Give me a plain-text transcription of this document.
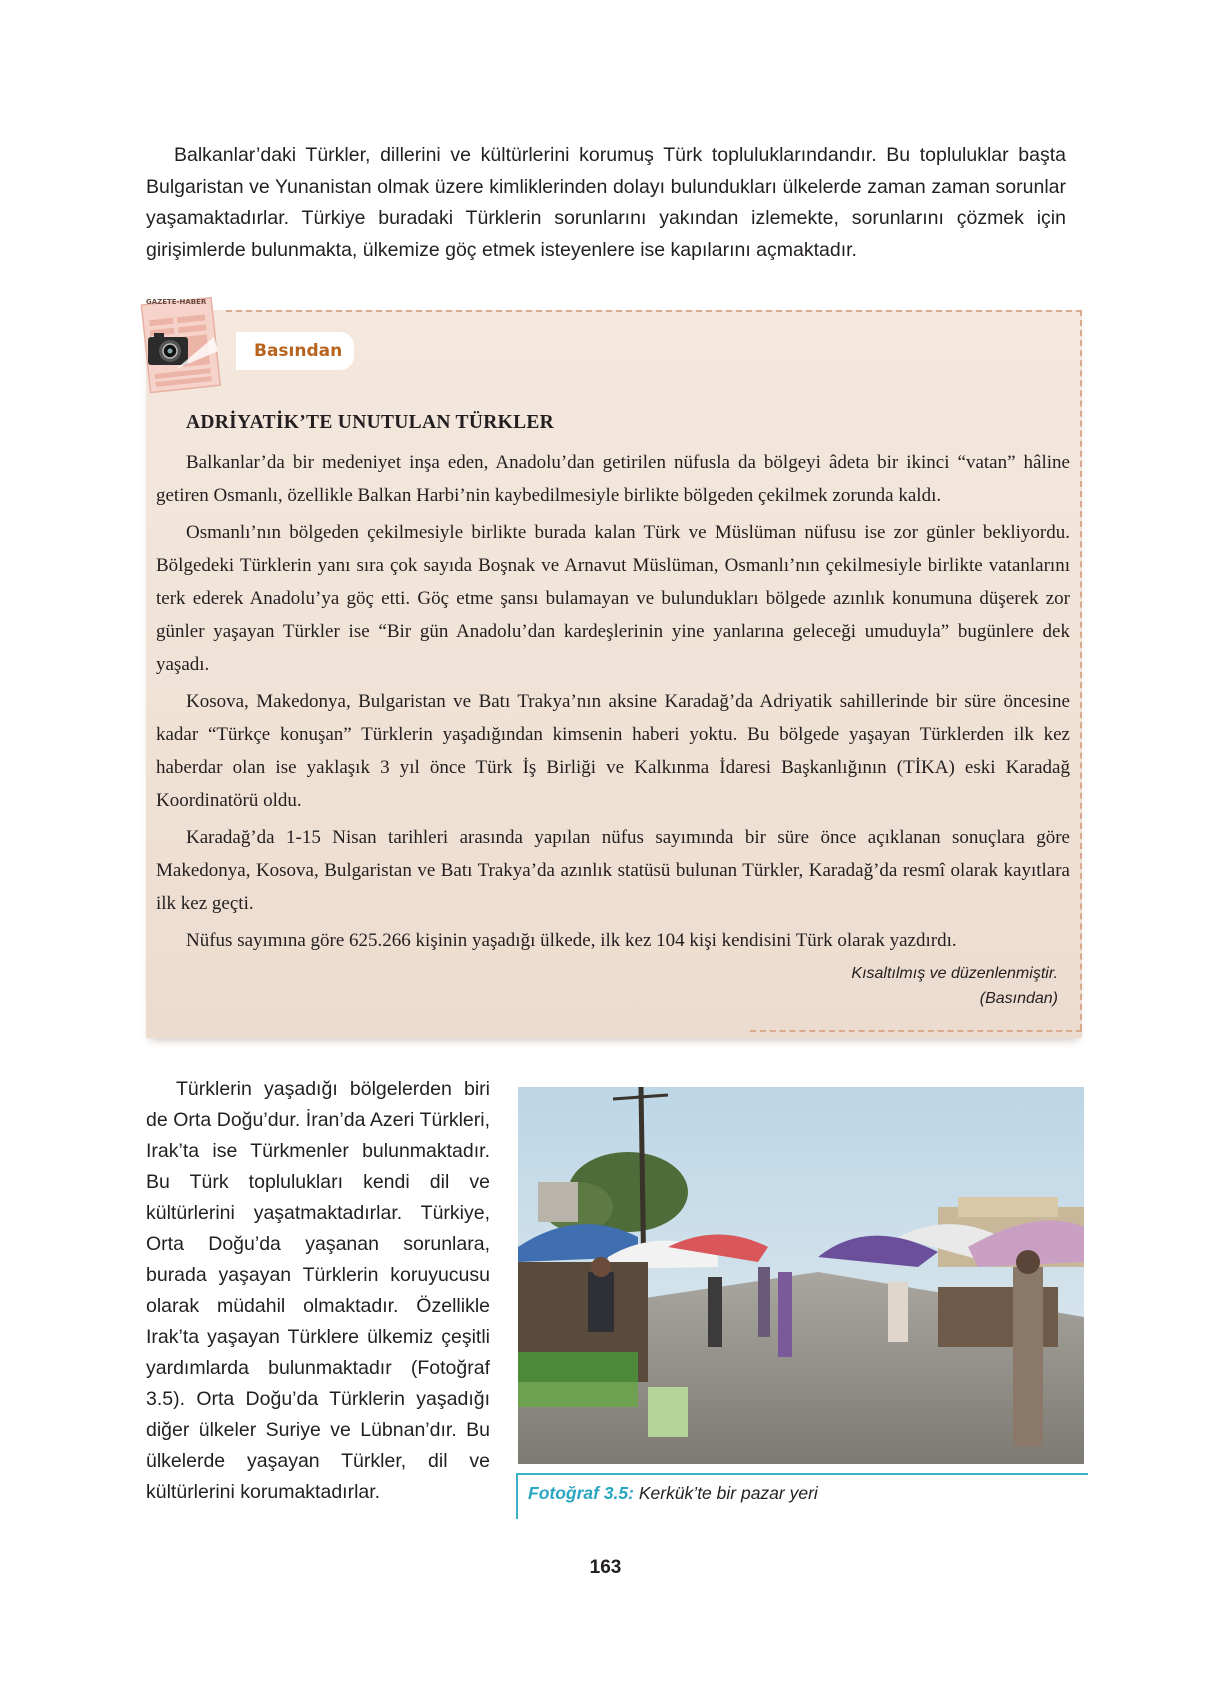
Balkanlar’daki Türkler, dillerini ve kültürlerini korumuş Türk topluluklarındandır. Bu topluluklar başta Bulgaristan ve Yunanistan olmak üzere kimliklerinden dolayı bulundukları ülkelerde zaman zaman sorunlar yaşamaktadırlar. Türkiye buradaki Türklerin sorunlarını yakından izlemekte, sorunlarını çözmek için girişimlerde bulunmakta, ülkemize göç etmek isteyenlere ise kapılarını açmaktadır.

GAZETE-HABER
Basından
ADRİYATİK’TE UNUTULAN TÜRKLER

Balkanlar’da bir medeniyet inşa eden, Anadolu’dan getirilen nüfusla da bölgeyi âdeta bir ikinci “vatan” hâline getiren Osmanlı, özellikle Balkan Harbi’nin kaybedilmesiyle birlikte bölgeden çekilmek zorunda kaldı.

Osmanlı’nın bölgeden çekilmesiyle birlikte burada kalan Türk ve Müslüman nüfusu ise zor günler bekliyordu. Bölgedeki Türklerin yanı sıra çok sayıda Boşnak ve Arnavut Müslüman, Osmanlı’nın çekilmesiyle birlikte vatanlarını terk ederek Anadolu’ya göç etti. Göç etme şansı bulamayan ve bulundukları bölgede azınlık konumuna düşerek zor günler yaşayan Türkler ise “Bir gün Anadolu’dan kardeşlerinin yine yanlarına geleceği umuduyla” bugünlere dek yaşadı.

Kosova, Makedonya, Bulgaristan ve Batı Trakya’nın aksine Karadağ’da Adriyatik sahillerinde bir süre öncesine kadar “Türkçe konuşan” Türklerin yaşadığından kimsenin haberi yoktu. Bu bölgede yaşayan Türklerden ilk kez haberdar olan ise yaklaşık 3 yıl önce Türk İş Birliği ve Kalkınma İdaresi Başkanlığının (TİKA) eski Karadağ Koordinatörü oldu.

Karadağ’da 1-15 Nisan tarihleri arasında yapılan nüfus sayımında bir süre önce açıklanan sonuçlara göre Makedonya, Kosova, Bulgaristan ve Batı Trakya’da azınlık statüsü bulunan Türkler, Karadağ’da resmî olarak kayıtlara ilk kez geçti.

Nüfus sayımına göre 625.266 kişinin yaşadığı ülkede, ilk kez 104 kişi kendisini Türk olarak yazdırdı.

Kısaltılmış ve düzenlenmiştir.
(Basından)

Türklerin yaşadığı bölgelerden biri de Orta Doğu’dur. İran’da Azeri Türkleri, Irak’ta ise Türkmenler bulunmaktadır. Bu Türk toplulukları kendi dil ve kültürlerini yaşatmaktadırlar. Türkiye, Orta Doğu’da yaşanan sorunlara, burada yaşayan Türklerin koruyucusu olarak müdahil olmaktadır. Özellikle Irak’ta yaşayan Türklere ülkemiz çeşitli yardımlarda bulunmaktadır (Fotoğraf 3.5). Orta Doğu’da Türklerin yaşadığı diğer ülkeler Suriye ve Lübnan’dır. Bu ülkelerde yaşayan Türkler, dil ve kültürlerini korumaktadırlar.	Fotoğraf 3.5: Kerkük’te bir pazar yeri
163
